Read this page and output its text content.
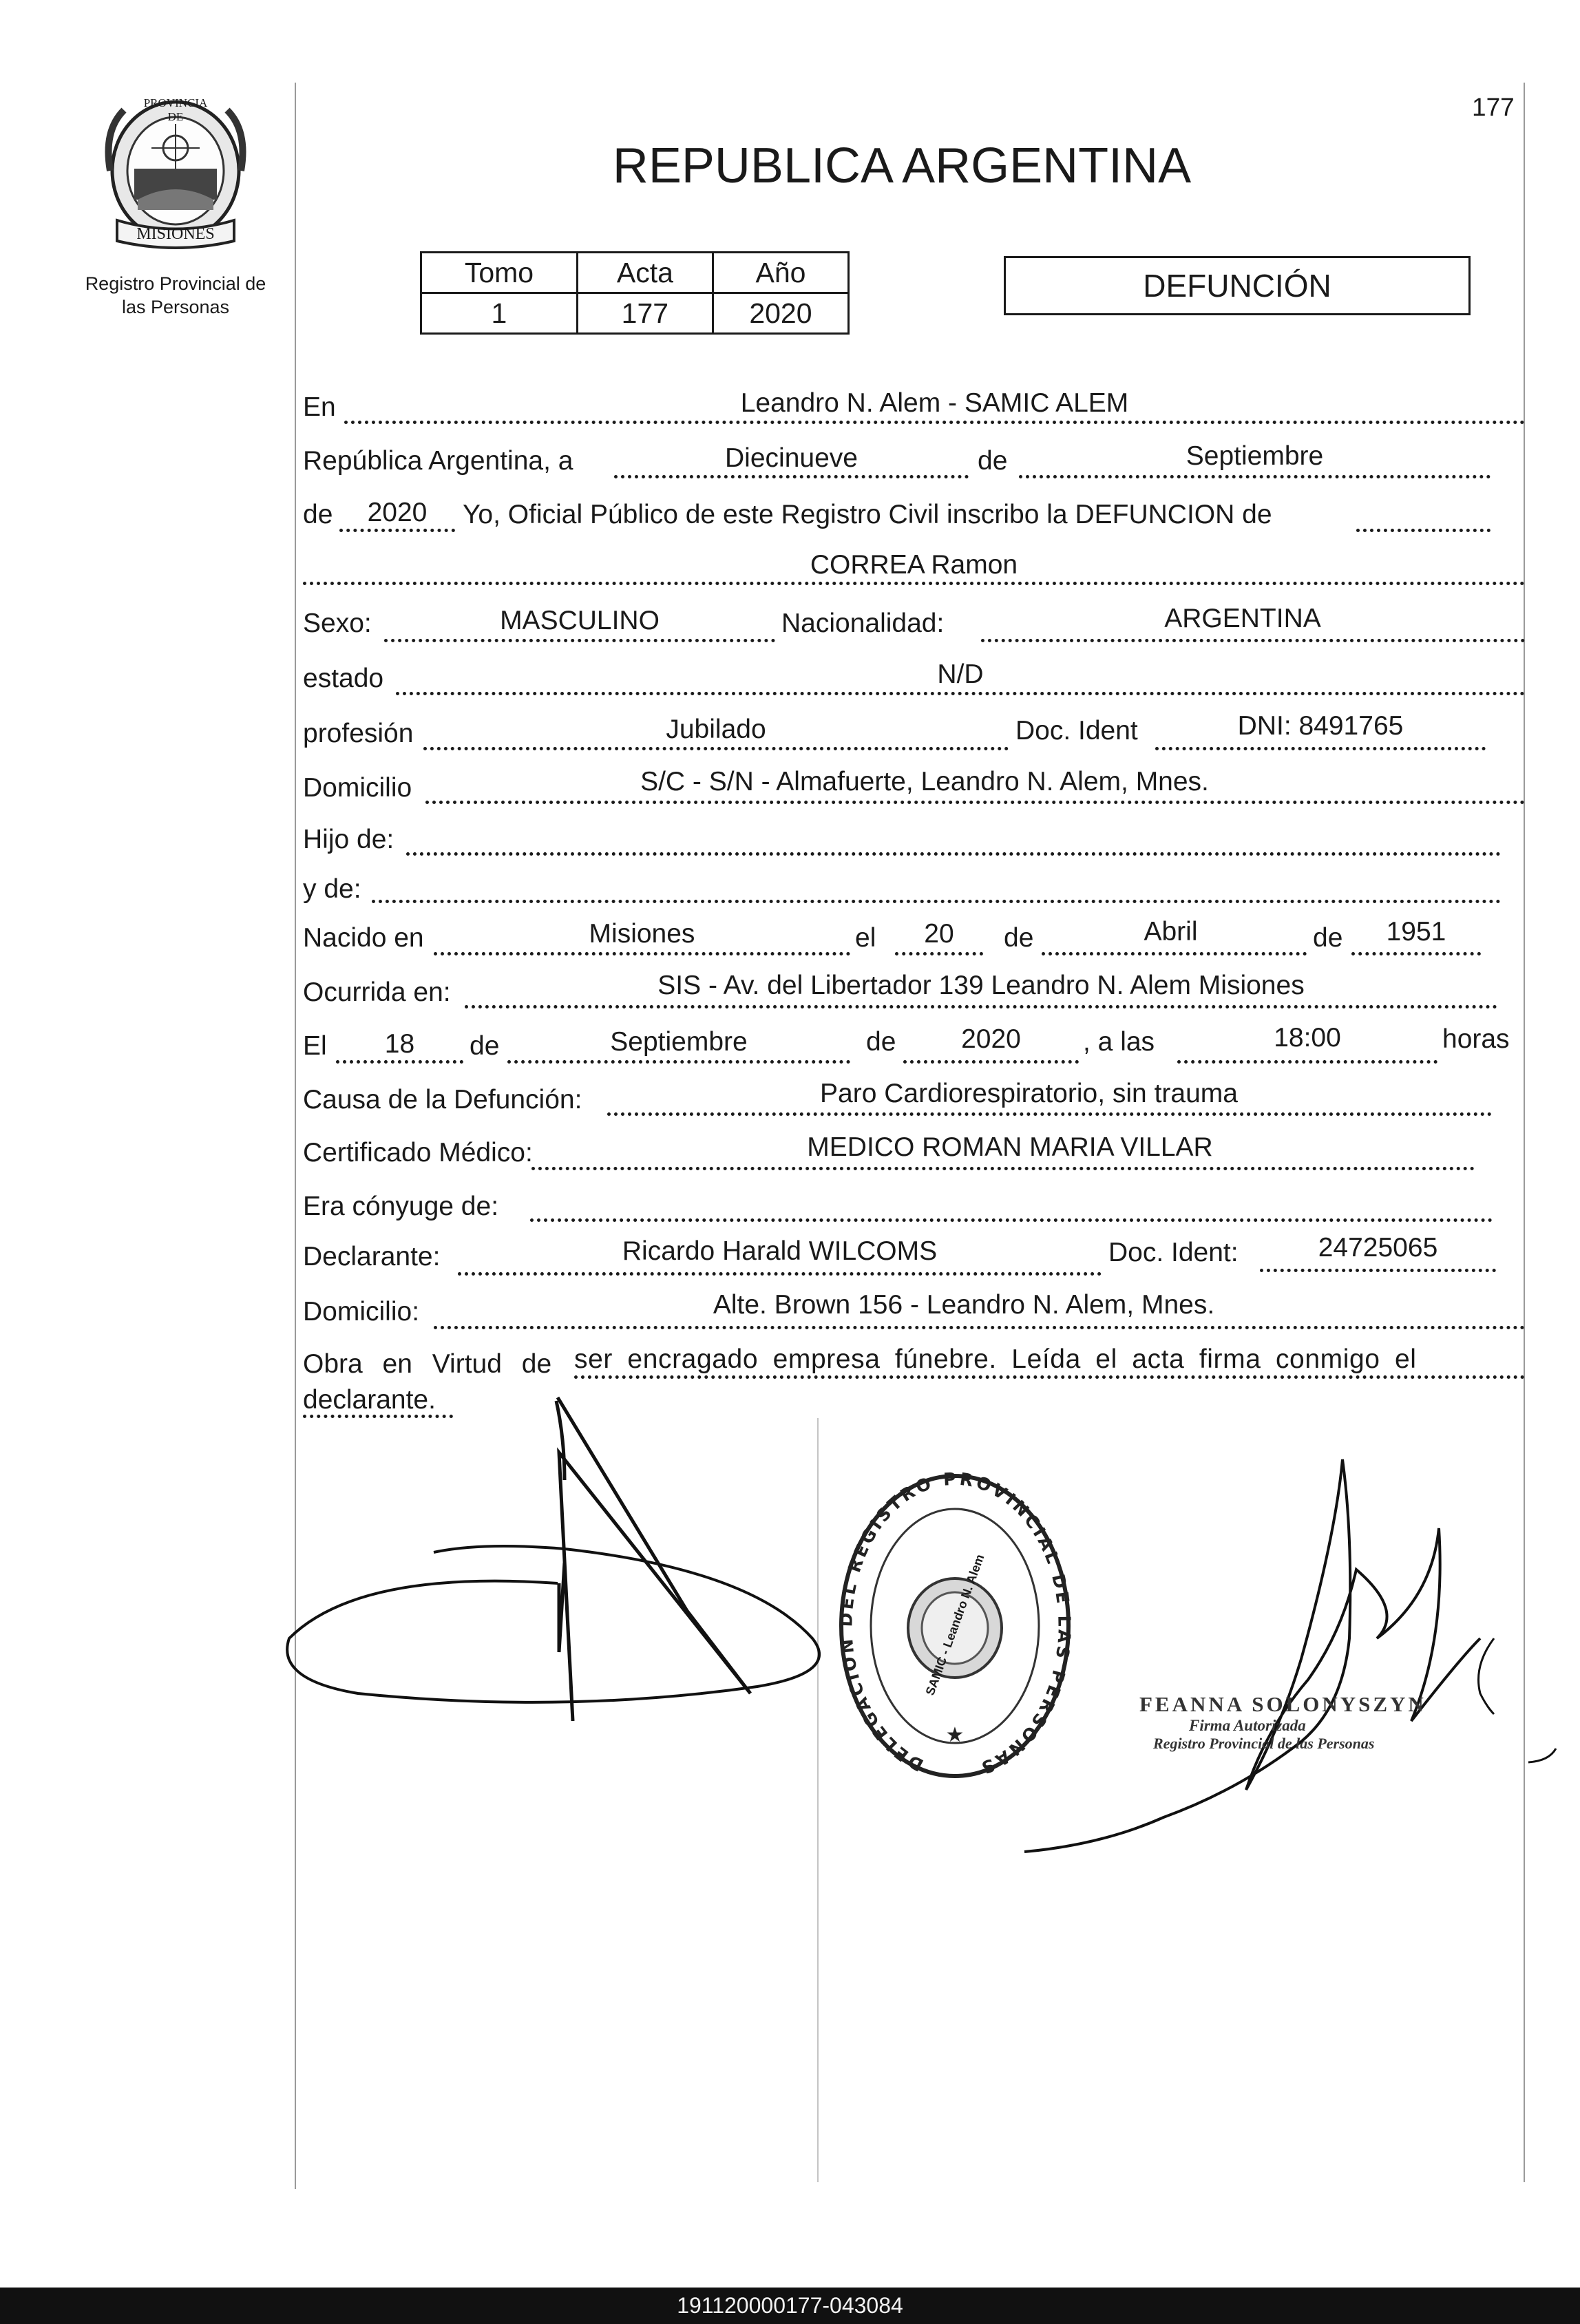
PROVINCIA DE
MISIONES
Registro Provincial de
las Personas
177
REPUBLICA ARGENTINA
Tomo	Acta	Año
1	177	2020
DEFUNCIÓN
En	Leandro N. Alem - SAMIC ALEM
República Argentina, a	Diecinueve	de	Septiembre
de	2020	Yo, Oficial Público de este Registro Civil inscribo la DEFUNCION de
CORREA Ramon
Sexo:	MASCULINO	Nacionalidad:	ARGENTINA
estado	N/D
profesión	Jubilado	Doc. Ident	DNI: 8491765
Domicilio	S/C - S/N - Almafuerte, Leandro N. Alem, Mnes.
Hijo de:
y de:
Nacido en	Misiones	el	20	de	Abril	de	1951
Ocurrida en:	SIS - Av. del Libertador 139 Leandro N. Alem Misiones
El	18	de	Septiembre	de	2020	, a las	18:00	horas
Causa de la Defunción:	Paro Cardiorespiratorio, sin trauma
Certificado Médico:	MEDICO ROMAN MARIA VILLAR
Era cónyuge de:
Declarante:	Ricardo Harald WILCOMS	Doc. Ident:	24725065
Domicilio:	Alte. Brown 156 - Leandro N. Alem, Mnes.
Obra en Virtud de ser encragado empresa fúnebre. Leída el acta firma conmigo el
declarante.
★
DELEGACION DEL REGISTRO PROVINCIAL DE LAS PERSONAS
SAMIC - Leandro N. Alem
FEANNA SOLONYSZYN
Firma Autorizada
Registro Provincial de las Personas
191120000177-043084
